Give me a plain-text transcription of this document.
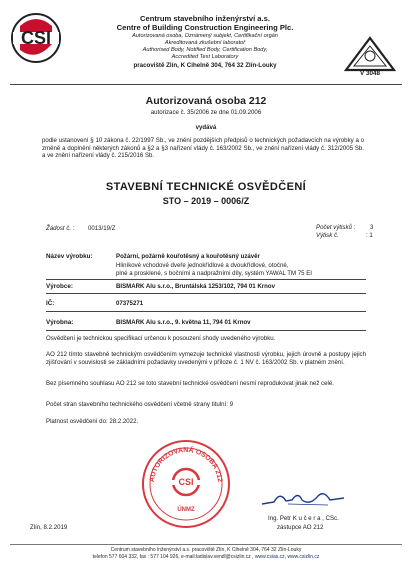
CSI
Centrum stavebního inženýrství a.s.
Centre of Building Construction Engineering Plc.
Autorizovaná osoba, Oznámený subjekt, Certifikační orgán
Akreditovaná zkušební laboratoř
Authorised Body, Notified Body, Certification Body,
Accredited Test Laboratory
pracoviště Zlín, K Cihelně 304, 764 32 Zlín-Louky
V 3048
Autorizovaná osoba 212
autorizace č. 35/2006 ze dne 01.09.2006
vydává
podle ustanovení § 10 zákona č. 22/1997 Sb., ve znění pozdějších předpisů o technických požadavcích na výrobky a o změně a doplnění některých zákonů a §2 a §3 nařízení vlády č. 163/2002 Sb., ve znění nařízení vlády č. 312/2005 Sb. a ve znění nařízení vlády č. 215/2016 Sb.
STAVEBNÍ TECHNICKÉ OSVĚDČENÍ
STO – 2019 – 0006/Z
Žádost č. : 0013/19/Z	Počet výtisků : 3
Výtisk č.	: 1
Název výrobku:	Požární, požárně kouřotěsný a kouřotěsný uzávěr
Hliníkové vchodové dveře jednokřídlové a dvoukřídlové, otočné,
plné a prosklené, s bočními a nadpražními díly, systém YAWAL TM 75 EI
Výrobce:	BISMARK Alu s.r.o., Bruntálská 1253/102, 794 01 Krnov
IČ:	07375271
Výrobna:	BISMARK Alu s.r.o., 9. května 11, 794 01 Krnov
Osvědčení je technickou specifikací určenou k posouzení shody uvedeného výrobku.
AO 212 tímto stavebně technickým osvědčením vymezuje technické vlastnosti výrobku, jejich úrovně a postupy jejich zjišťování v souvislosti se základními požadavky uvedenými v příloze č. 1 NV č. 163/2002 Sb. v platném znění.
Bez písemného souhlasu AO 212 se toto stavební technické osvědčení nesmí reprodukovat jinak než celé.
Počet stran stavebního technického osvědčení včetně strany titulní: 9
Platnost osvědčení do: 28.2.2022.
AUTORIZOVANÁ OSOBA 212
CSI
ÚNMZ
Zlín, 8.2.2019
Ing. Petr K u č e r a , CSc.
zástupce AO 212
Centrum stavebního inženýrství a.s. pracoviště Zlín, K Cihelně 304, 764 32 Zlín-Louky
telefon 577 604 332, fax : 577 104 926, e-mail:ladislav.vendl@csizlin.cz , www.csias.cz, www.csizlin.cz
